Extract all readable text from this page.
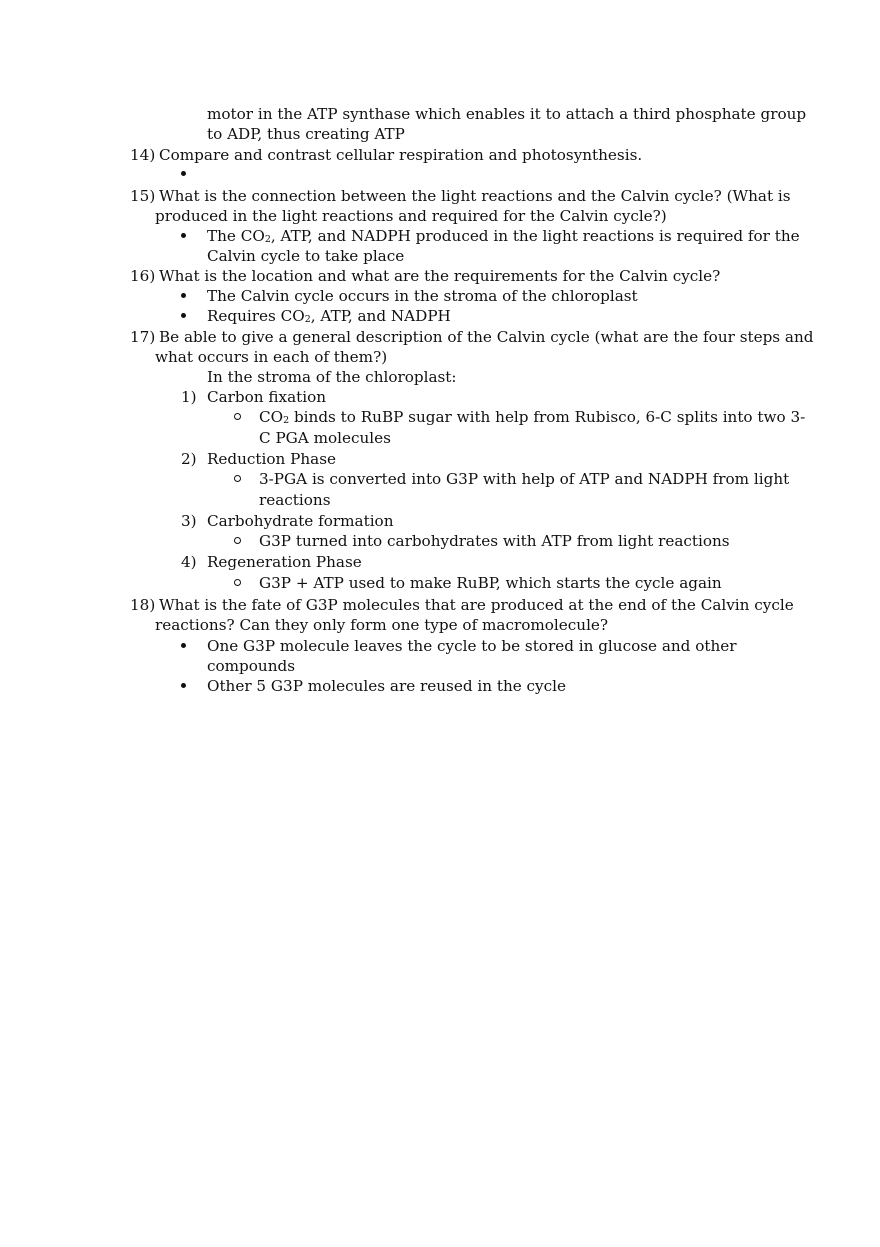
motor in the ATP synthase which enables it to attach a third phosphate group
to ADP, thus creating ATP
14) Compare and contrast cellular respiration and photosynthesis.
15) What is the connection between the light reactions and the Calvin cycle? (What is
produced in the light reactions and required for the Calvin cycle?)
The $CO_2$, ATP, and NADPH produced in the light reactions is required for the
Calvin cycle to take place
16) What is the location and what are the requirements for the Calvin cycle?
The Calvin cycle occurs in the stroma of the chloroplast
Requires $CO_2$, ATP, and NADPH
17) Be able to give a general description of the Calvin cycle (what are the four steps and
what occurs in each of them?)
In the stroma of the chloroplast:
1) Carbon fixation
$CO_2$ binds to RuBP sugar with help from Rubisco, 6-C splits into two 3-
C PGA molecules
2) Reduction Phase
3-PGA is converted into G3P with help of ATP and NADPH from light
reactions
3) Carbohydrate formation
G3P turned into carbohydrates with ATP from light reactions
4) Regeneration Phase
G3P + ATP used to make RuBP, which starts the cycle again
18) What is the fate of G3P molecules that are produced at the end of the Calvin cycle
reactions? Can they only form one type of macromolecule?
One G3P molecule leaves the cycle to be stored in glucose and other
compounds
Other 5 G3P molecules are reused in the cycle
